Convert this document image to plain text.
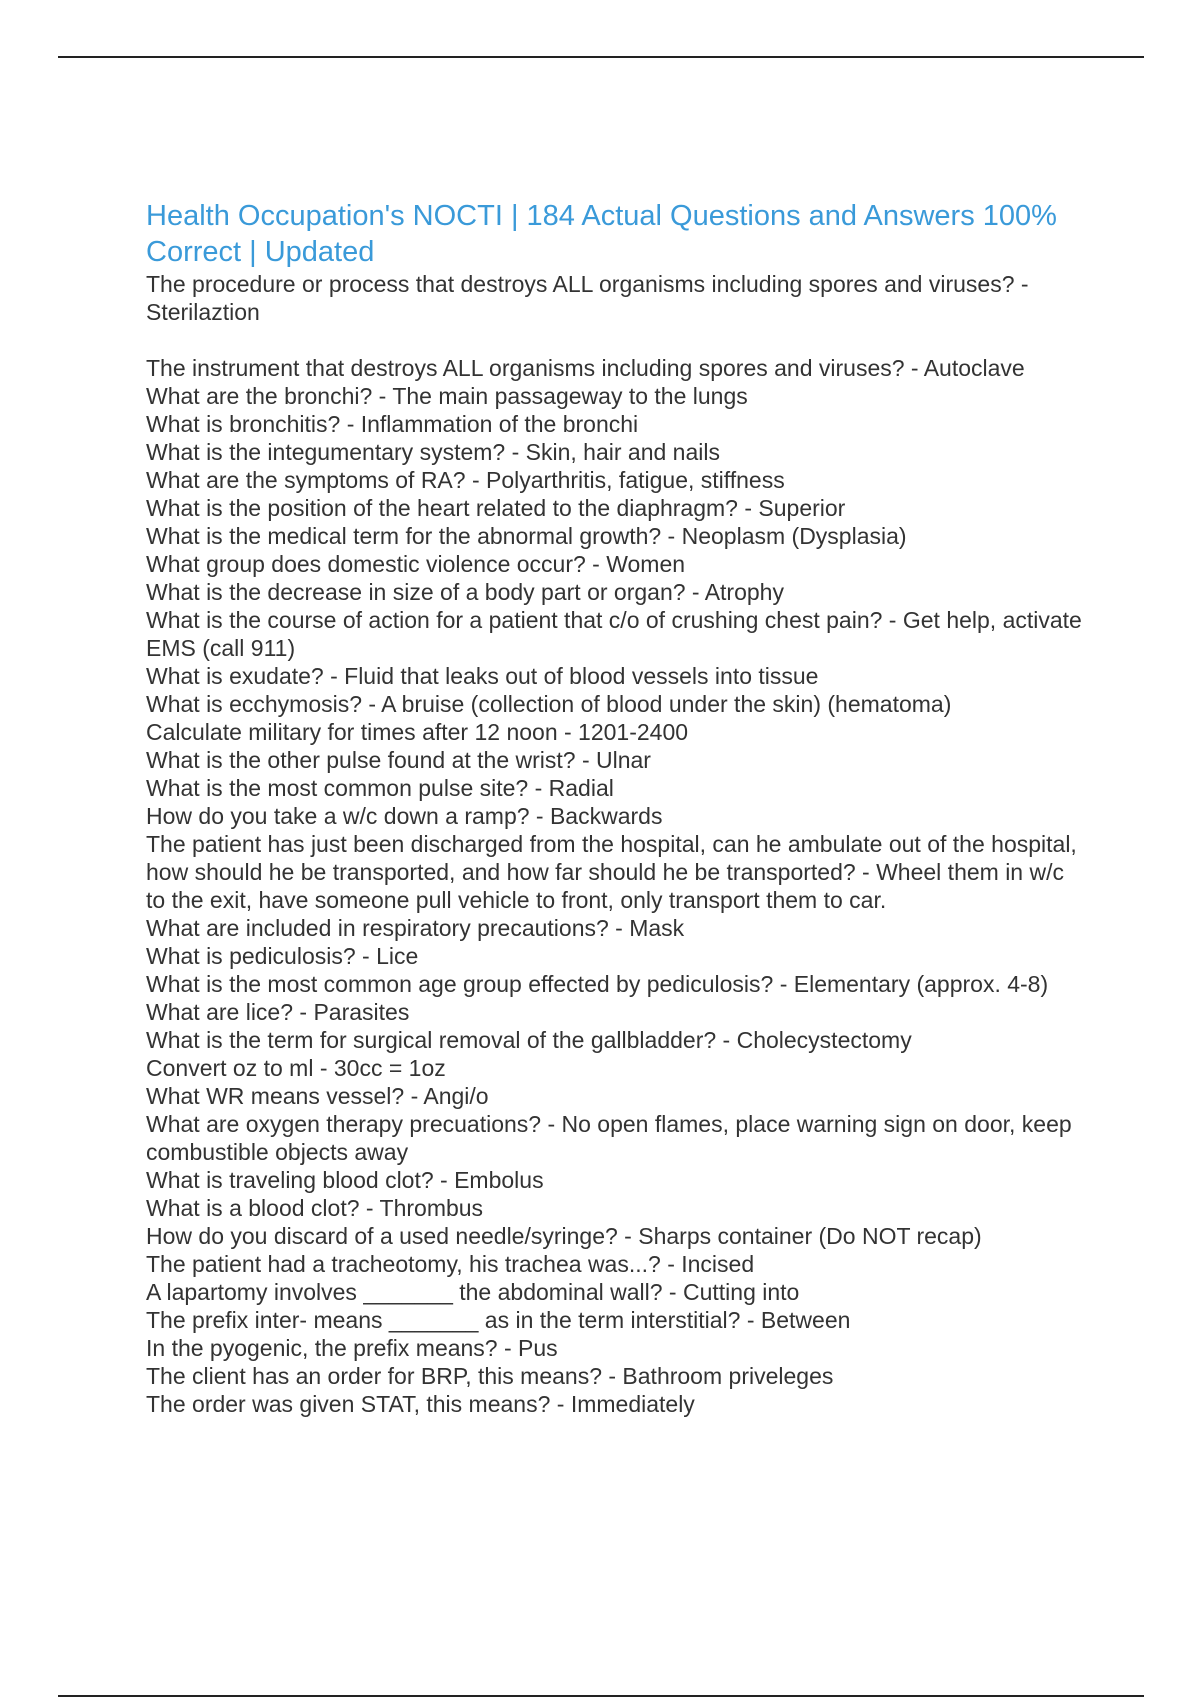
Health Occupation's NOCTI | 184 Actual Questions and Answers 100% Correct | Updated
The procedure or process that destroys ALL organisms including spores and viruses? - Sterilaztion
The instrument that destroys ALL organisms including spores and viruses? - Autoclave
What are the bronchi? - The main passageway to the lungs
What is bronchitis? - Inflammation of the bronchi
What is the integumentary system? - Skin, hair and nails
What are the symptoms of RA? - Polyarthritis, fatigue, stiffness
What is the position of the heart related to the diaphragm? - Superior
What is the medical term for the abnormal growth? - Neoplasm (Dysplasia)
What group does domestic violence occur? - Women
What is the decrease in size of a body part or organ? - Atrophy
What is the course of action for a patient that c/o of crushing chest pain? - Get help, activate EMS (call 911)
What is exudate? - Fluid that leaks out of blood vessels into tissue
What is ecchymosis? - A bruise (collection of blood under the skin) (hematoma)
Calculate military for times after 12 noon - 1201-2400
What is the other pulse found at the wrist? - Ulnar
What is the most common pulse site? - Radial
How do you take a w/c down a ramp? - Backwards
The patient has just been discharged from the hospital, can he ambulate out of the hospital, how should he be transported, and how far should he be transported? - Wheel them in w/c to the exit, have someone pull vehicle to front, only transport them to car.
What are included in respiratory precautions? - Mask
What is pediculosis? - Lice
What is the most common age group effected by pediculosis? - Elementary (approx. 4-8)
What are lice? - Parasites
What is the term for surgical removal of the gallbladder? - Cholecystectomy
Convert oz to ml - 30cc = 1oz
What WR means vessel? - Angi/o
What are oxygen therapy precuations? - No open flames, place warning sign on door, keep combustible objects away
What is traveling blood clot? - Embolus
What is a blood clot? - Thrombus
How do you discard of a used needle/syringe? - Sharps container (Do NOT recap)
The patient had a tracheotomy, his trachea was...? - Incised
A lapartomy involves _______ the abdominal wall? - Cutting into
The prefix inter- means _______ as in the term interstitial? - Between
In the pyogenic, the prefix means? - Pus
The client has an order for BRP, this means? - Bathroom priveleges
The order was given STAT, this means? - Immediately
